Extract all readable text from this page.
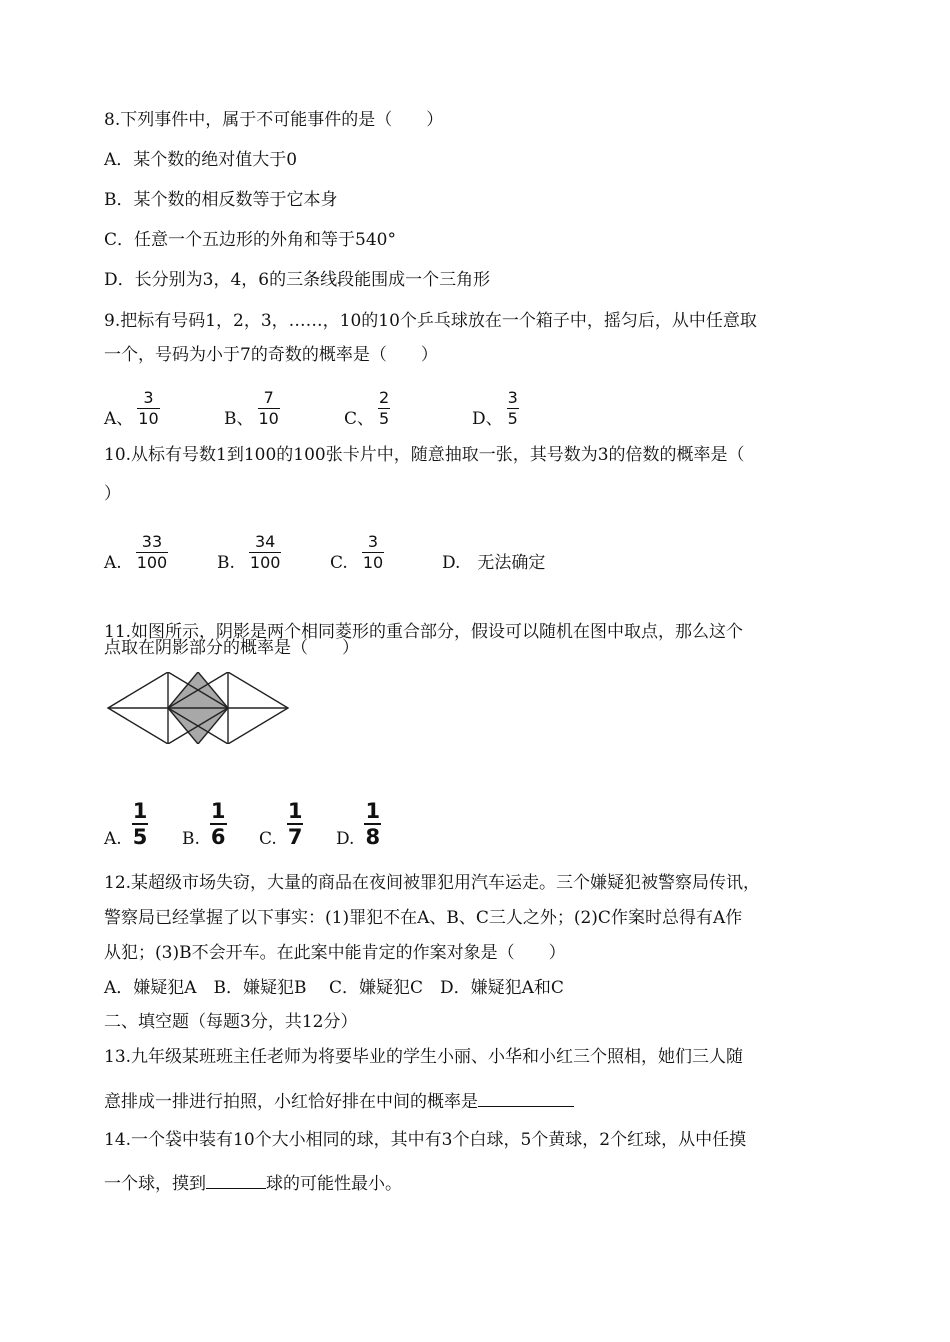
8.下列事件中，属于不可能事件的是（　　）
A．某个数的绝对值大于0
B．某个数的相反数等于它本身
C．任意一个五边形的外角和等于540°
D．长分别为3，4，6的三条线段能围成一个三角形
9.把标有号码1，2，3，……，10的10个乒乓球放在一个箱子中，摇匀后，从中任意取
一个，号码为小于7的奇数的概率是（　　）
A、 $\frac{3}{10}$	B、 $\frac{7}{10}$	C、 $\frac{2}{5}$	D、 $\frac{3}{5}$
10.从标有号数1到100的100张卡片中，随意抽取一张，其号数为3的倍数的概率是（
）
A. $\frac{33}{100}$	B. $\frac{34}{100}$	C. $\frac{3}{10}$	D.　无法确定
11.如图所示，阴影是两个相同菱形的重合部分，假设可以随机在图中取点，那么这个
点取在阴影部分的概率是（　　）
A. $\frac{1}{5} B$. $\frac{1}{6} C$. $\frac{1}{7} D$. $\frac{1}{8}$
12.某超级市场失窃，大量的商品在夜间被罪犯用汽车运走。三个嫌疑犯被警察局传讯，
警察局已经掌握了以下事实：(1)罪犯不在A、B、C三人之外；(2)C作案时总得有A作
从犯；(3)B不会开车。在此案中能肯定的作案对象是（　　）
A．嫌疑犯A　B．嫌疑犯B　 C．嫌疑犯C　D．嫌疑犯A和C
二、填空题（每题3分，共12分）
13.九年级某班班主任老师为将要毕业的学生小丽、小华和小红三个照相，她们三人随
意排成一排进行拍照，小红恰好排在中间的概率是
14.一个袋中装有10个大小相同的球，其中有3个白球，5个黄球，2个红球，从中任摸
一个球，摸到	球的可能性最小。
